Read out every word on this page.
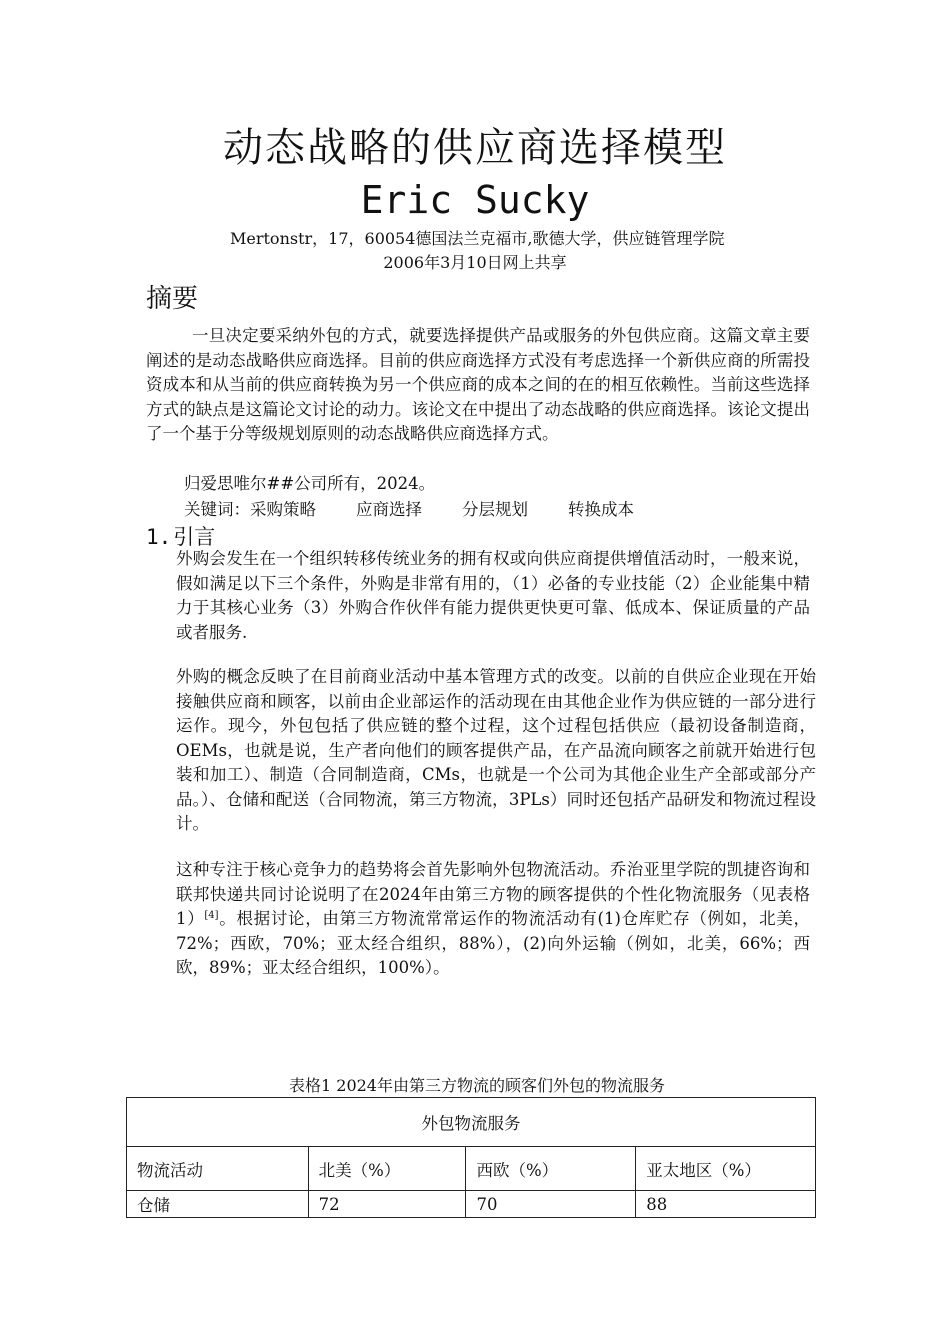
动态战略的供应商选择模型
Eric Sucky
Mertonstr，17，60054德国法兰克福市,歌德大学，供应链管理学院
2006年3月10日网上共享
摘要
一旦决定要采纳外包的方式，就要选择提供产品或服务的外包供应商。这篇文章主要阐述的是动态战略供应商选择。目前的供应商选择方式没有考虑选择一个新供应商的所需投资成本和从当前的供应商转换为另一个供应商的成本之间的在的相互依赖性。当前这些选择方式的缺点是这篇论文讨论的动力。该论文在中提出了动态战略的供应商选择。该论文提出了一个基于分等级规划原则的动态战略供应商选择方式。
归爱思唯尔##公司所有，2024。
关键词：采购策略 应商选择 分层规划 转换成本
1.引言
外购会发生在一个组织转移传统业务的拥有权或向供应商提供增值活动时，一般来说，假如满足以下三个条件，外购是非常有用的，（1）必备的专业技能（2）企业能集中精力于其核心业务（3）外购合作伙伴有能力提供更快更可靠、低成本、保证质量的产品或者服务.
外购的概念反映了在目前商业活动中基本管理方式的改变。以前的自供应企业现在开始接触供应商和顾客，以前由企业部运作的活动现在由其他企业作为供应链的一部分进行运作。现今，外包包括了供应链的整个过程，这个过程包括供应（最初设备制造商，OEMs，也就是说，生产者向他们的顾客提供产品，在产品流向顾客之前就开始进行包装和加工）、制造（合同制造商，CMs，也就是一个公司为其他企业生产全部或部分产品。）、仓储和配送（合同物流，第三方物流，3PLs）同时还包括产品研发和物流过程设计。
这种专注于核心竞争力的趋势将会首先影响外包物流活动。乔治亚里学院的凯捷咨询和联邦快递共同讨论说明了在2024年由第三方物的顾客提供的个性化物流服务（见表格1）[4]。根据讨论，由第三方物流常常运作的物流活动有(1)仓库贮存（例如，北美，72%；西欧，70%；亚太经合组织，88%），(2)向外运输（例如，北美，66%；西欧，89%；亚太经合组织，100%）。
表格1 2024年由第三方物流的顾客们外包的物流服务
外包物流服务			
物流活动	北美（%）	西欧（%）	亚太地区（%）
仓储	72	70	88
